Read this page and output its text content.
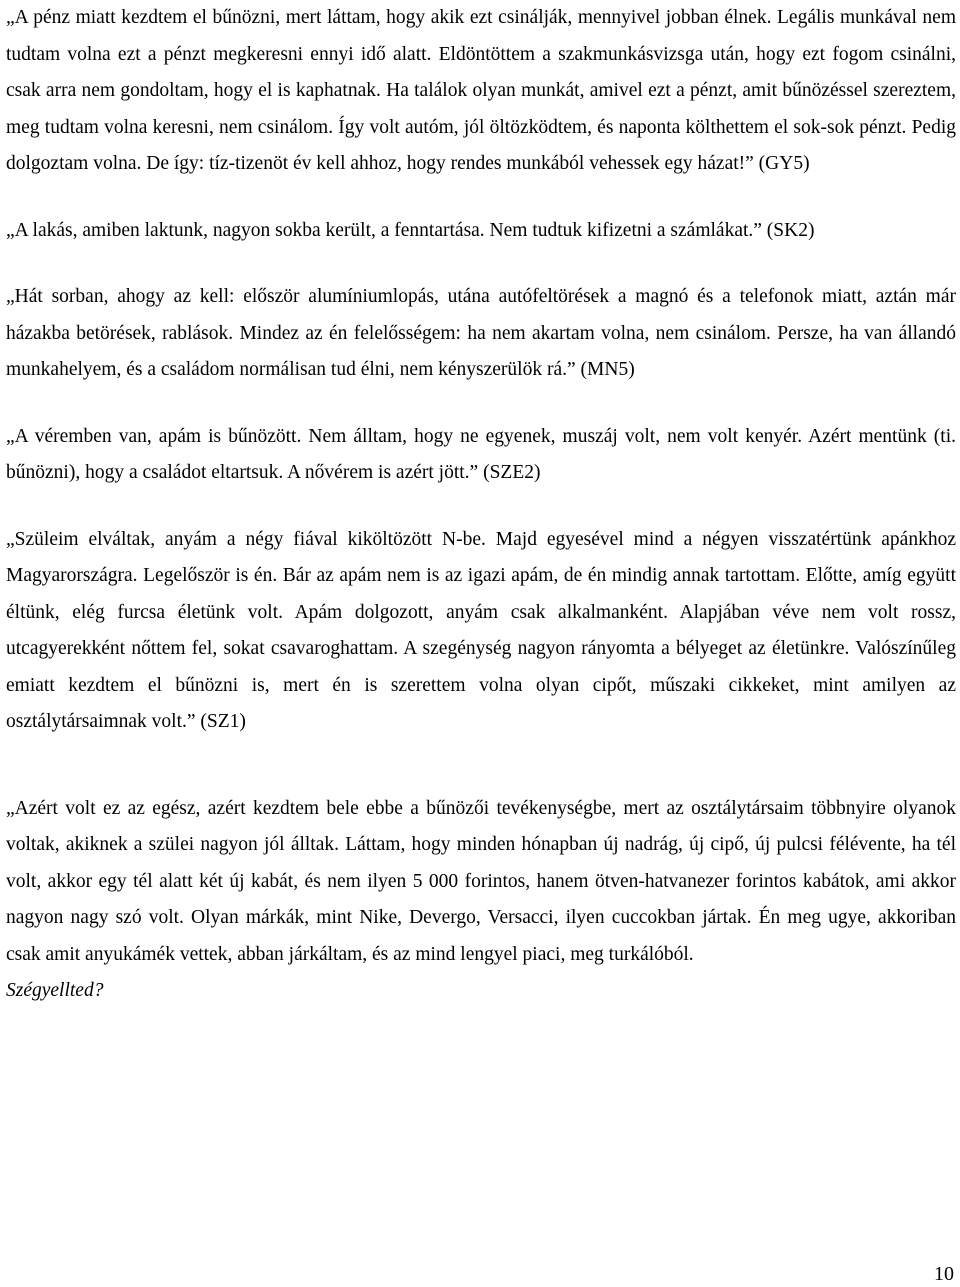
„A pénz miatt kezdtem el bűnözni, mert láttam, hogy akik ezt csinálják, mennyivel jobban élnek. Legális munkával nem tudtam volna ezt a pénzt megkeresni ennyi idő alatt. Eldöntöttem a szakmunkásvizsga után, hogy ezt fogom csinálni, csak arra nem gondoltam, hogy el is kaphatnak. Ha találok olyan munkát, amivel ezt a pénzt, amit bűnözéssel szereztem, meg tudtam volna keresni, nem csinálom. Így volt autóm, jól öltözködtem, és naponta költhettem el sok-sok pénzt. Pedig dolgoztam volna. De így: tíz-tizenöt év kell ahhoz, hogy rendes munkából vehessek egy házat!” (GY5)

„A lakás, amiben laktunk, nagyon sokba került, a fenntartása. Nem tudtuk kifizetni a számlákat.” (SK2)

„Hát sorban, ahogy az kell: először alumíniumlopás, utána autófeltörések a magnó és a telefonok miatt, aztán már házakba betörések, rablások. Mindez az én felelősségem: ha nem akartam volna, nem csinálom. Persze, ha van állandó munkahelyem, és a családom normálisan tud élni, nem kényszerülök rá.” (MN5)

„A véremben van, apám is bűnözött. Nem álltam, hogy ne egyenek, muszáj volt, nem volt kenyér. Azért mentünk (ti. bűnözni), hogy a családot eltartsuk. A nővérem is azért jött.” (SZE2)

„Szüleim elváltak, anyám a négy fiával kiköltözött N-be. Majd egyesével mind a négyen visszatértünk apánkhoz Magyarországra. Legelőször is én. Bár az apám nem is az igazi apám, de én mindig annak tartottam. Előtte, amíg együtt éltünk, elég furcsa életünk volt. Apám dolgozott, anyám csak alkalmanként. Alapjában véve nem volt rossz, utcagyerekként nőttem fel, sokat csavaroghattam. A szegénység nagyon rányomta a bélyeget az életünkre. Valószínűleg emiatt kezdtem el bűnözni is, mert én is szerettem volna olyan cipőt, műszaki cikkeket, mint amilyen az osztálytársaimnak volt.” (SZ1)

„Azért volt ez az egész, azért kezdtem bele ebbe a bűnözői tevékenységbe, mert az osztálytársaim többnyire olyanok voltak, akiknek a szülei nagyon jól álltak. Láttam, hogy minden hónapban új nadrág, új cipő, új pulcsi félévente, ha tél volt, akkor egy tél alatt két új kabát, és nem ilyen 5 000 forintos, hanem ötven-hatvanezer forintos kabátok, ami akkor nagyon nagy szó volt. Olyan márkák, mint Nike, Devergo, Versacci, ilyen cuccokban jártak. Én meg ugye, akkoriban csak amit anyukámék vettek, abban járkáltam, és az mind lengyel piaci, meg turkálóból.

Szégyellted?

10
